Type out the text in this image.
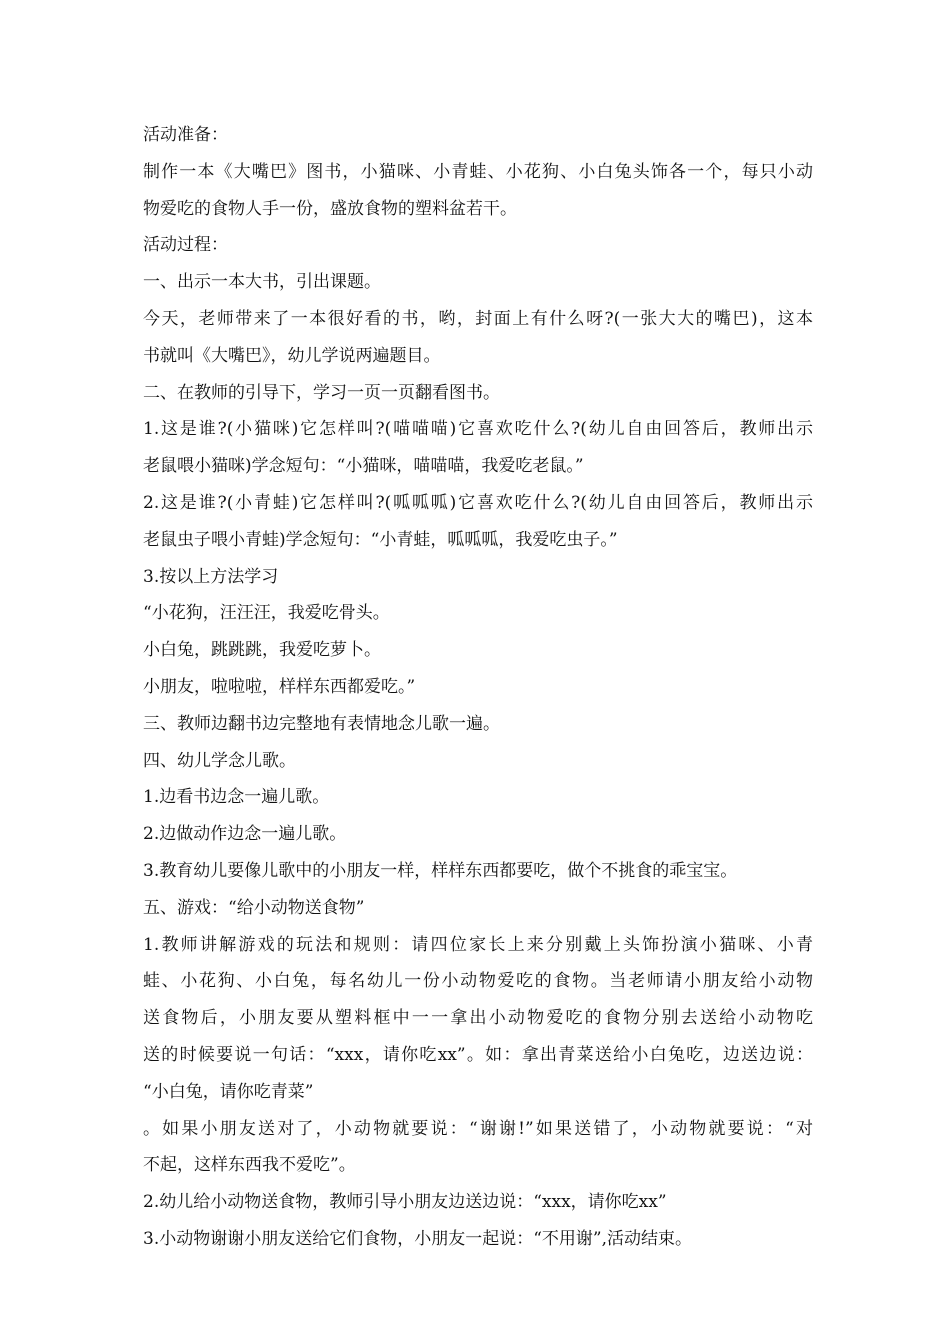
活动准备：

制作一本《大嘴巴》图书，小猫咪、小青蛙、小花狗、小白兔头饰各一个，每只小动

物爱吃的食物人手一份，盛放食物的塑料盆若干。

活动过程：

一、出示一本大书，引出课题。

今天，老师带来了一本很好看的书，哟，封面上有什么呀?(一张大大的嘴巴)，这本

书就叫《大嘴巴》，幼儿学说两遍题目。

二、在教师的引导下，学习一页一页翻看图书。

1.这是谁?(小猫咪)它怎样叫?(喵喵喵)它喜欢吃什么?(幼儿自由回答后，教师出示

老鼠喂小猫咪)学念短句：“小猫咪，喵喵喵，我爱吃老鼠。”

2.这是谁?(小青蛙)它怎样叫?(呱呱呱)它喜欢吃什么?(幼儿自由回答后，教师出示

老鼠虫子喂小青蛙)学念短句：“小青蛙，呱呱呱，我爱吃虫子。”

3.按以上方法学习

“小花狗，汪汪汪，我爱吃骨头。

小白兔，跳跳跳，我爱吃萝卜。

小朋友，啦啦啦，样样东西都爱吃。”

三、教师边翻书边完整地有表情地念儿歌一遍。

四、幼儿学念儿歌。

1.边看书边念一遍儿歌。

2.边做动作边念一遍儿歌。

3.教育幼儿要像儿歌中的小朋友一样，样样东西都要吃，做个不挑食的乖宝宝。

五、游戏：“给小动物送食物”

1.教师讲解游戏的玩法和规则：请四位家长上来分别戴上头饰扮演小猫咪、小青

蛙、小花狗、小白兔，每名幼儿一份小动物爱吃的食物。当老师请小朋友给小动物

送食物后，小朋友要从塑料框中一一拿出小动物爱吃的食物分别去送给小动物吃

送的时候要说一句话：“xxx，请你吃xx”。如：拿出青菜送给小白兔吃，边送边说：

“小白兔，请你吃青菜”

。如果小朋友送对了，小动物就要说：“谢谢!”如果送错了，小动物就要说：“对

不起，这样东西我不爱吃”。

2.幼儿给小动物送食物，教师引导小朋友边送边说：“xxx，请你吃xx”

3.小动物谢谢小朋友送给它们食物，小朋友一起说：“不用谢”,活动结束。
